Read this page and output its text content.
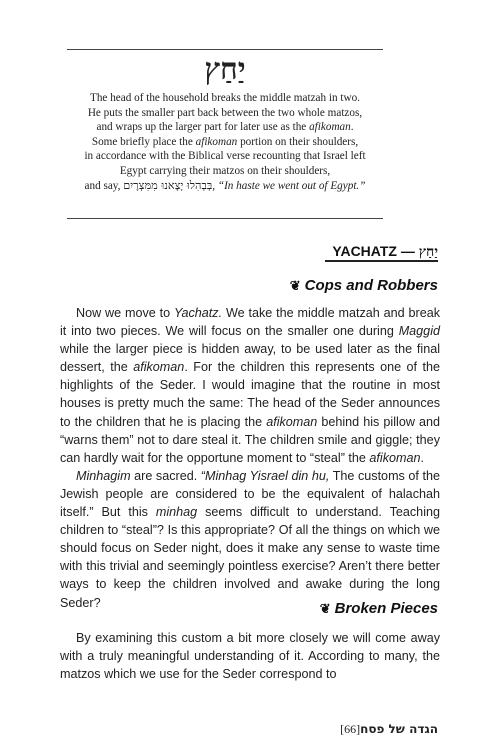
יַחַץ

The head of the household breaks the middle matzah in two.

He puts the smaller part back between the two whole matzos,

and wraps up the larger part for later use as the afikoman.

Some briefly place the afikoman portion on their shoulders,

in accordance with the Biblical verse recounting that Israel left

Egypt carrying their matzos on their shoulders,

and say, בְּבְהִלוּ יָצָאנוּ מִמִּצְרָיִם, “In haste we went out of Egypt.”

YACHATZ — יַחַץ
❦ Cops and Robbers

Now we move to Yachatz. We take the middle matzah and break it into two pieces. We will focus on the smaller one during Maggid while the larger piece is hidden away, to be used later as the final dessert, the afikoman. For the children this represents one of the highlights of the Seder. I would imagine that the routine in most houses is pretty much the same: The head of the Seder announces to the children that he is placing the afikoman behind his pillow and “warns them” not to dare steal it. The children smile and giggle; they can hardly wait for the opportune moment to “steal” the afikoman.

Minhagim are sacred. “Minhag Yisrael din hu, The customs of the Jewish people are considered to be the equivalent of halachah itself.” But this minhag seems difficult to understand. Teaching children to “steal”? Is this appropriate? Of all the things on which we should focus on Seder night, does it make any sense to waste time with this trivial and seemingly pointless exercise? Aren’t there better ways to keep the children involved and awake during the long Seder?	❦ Broken Pieces

By examining this custom a bit more closely we will come away with a truly meaningful understanding of it. According to many, the matzos which we use for the Seder correspond to

הגדה של פסח[66]
